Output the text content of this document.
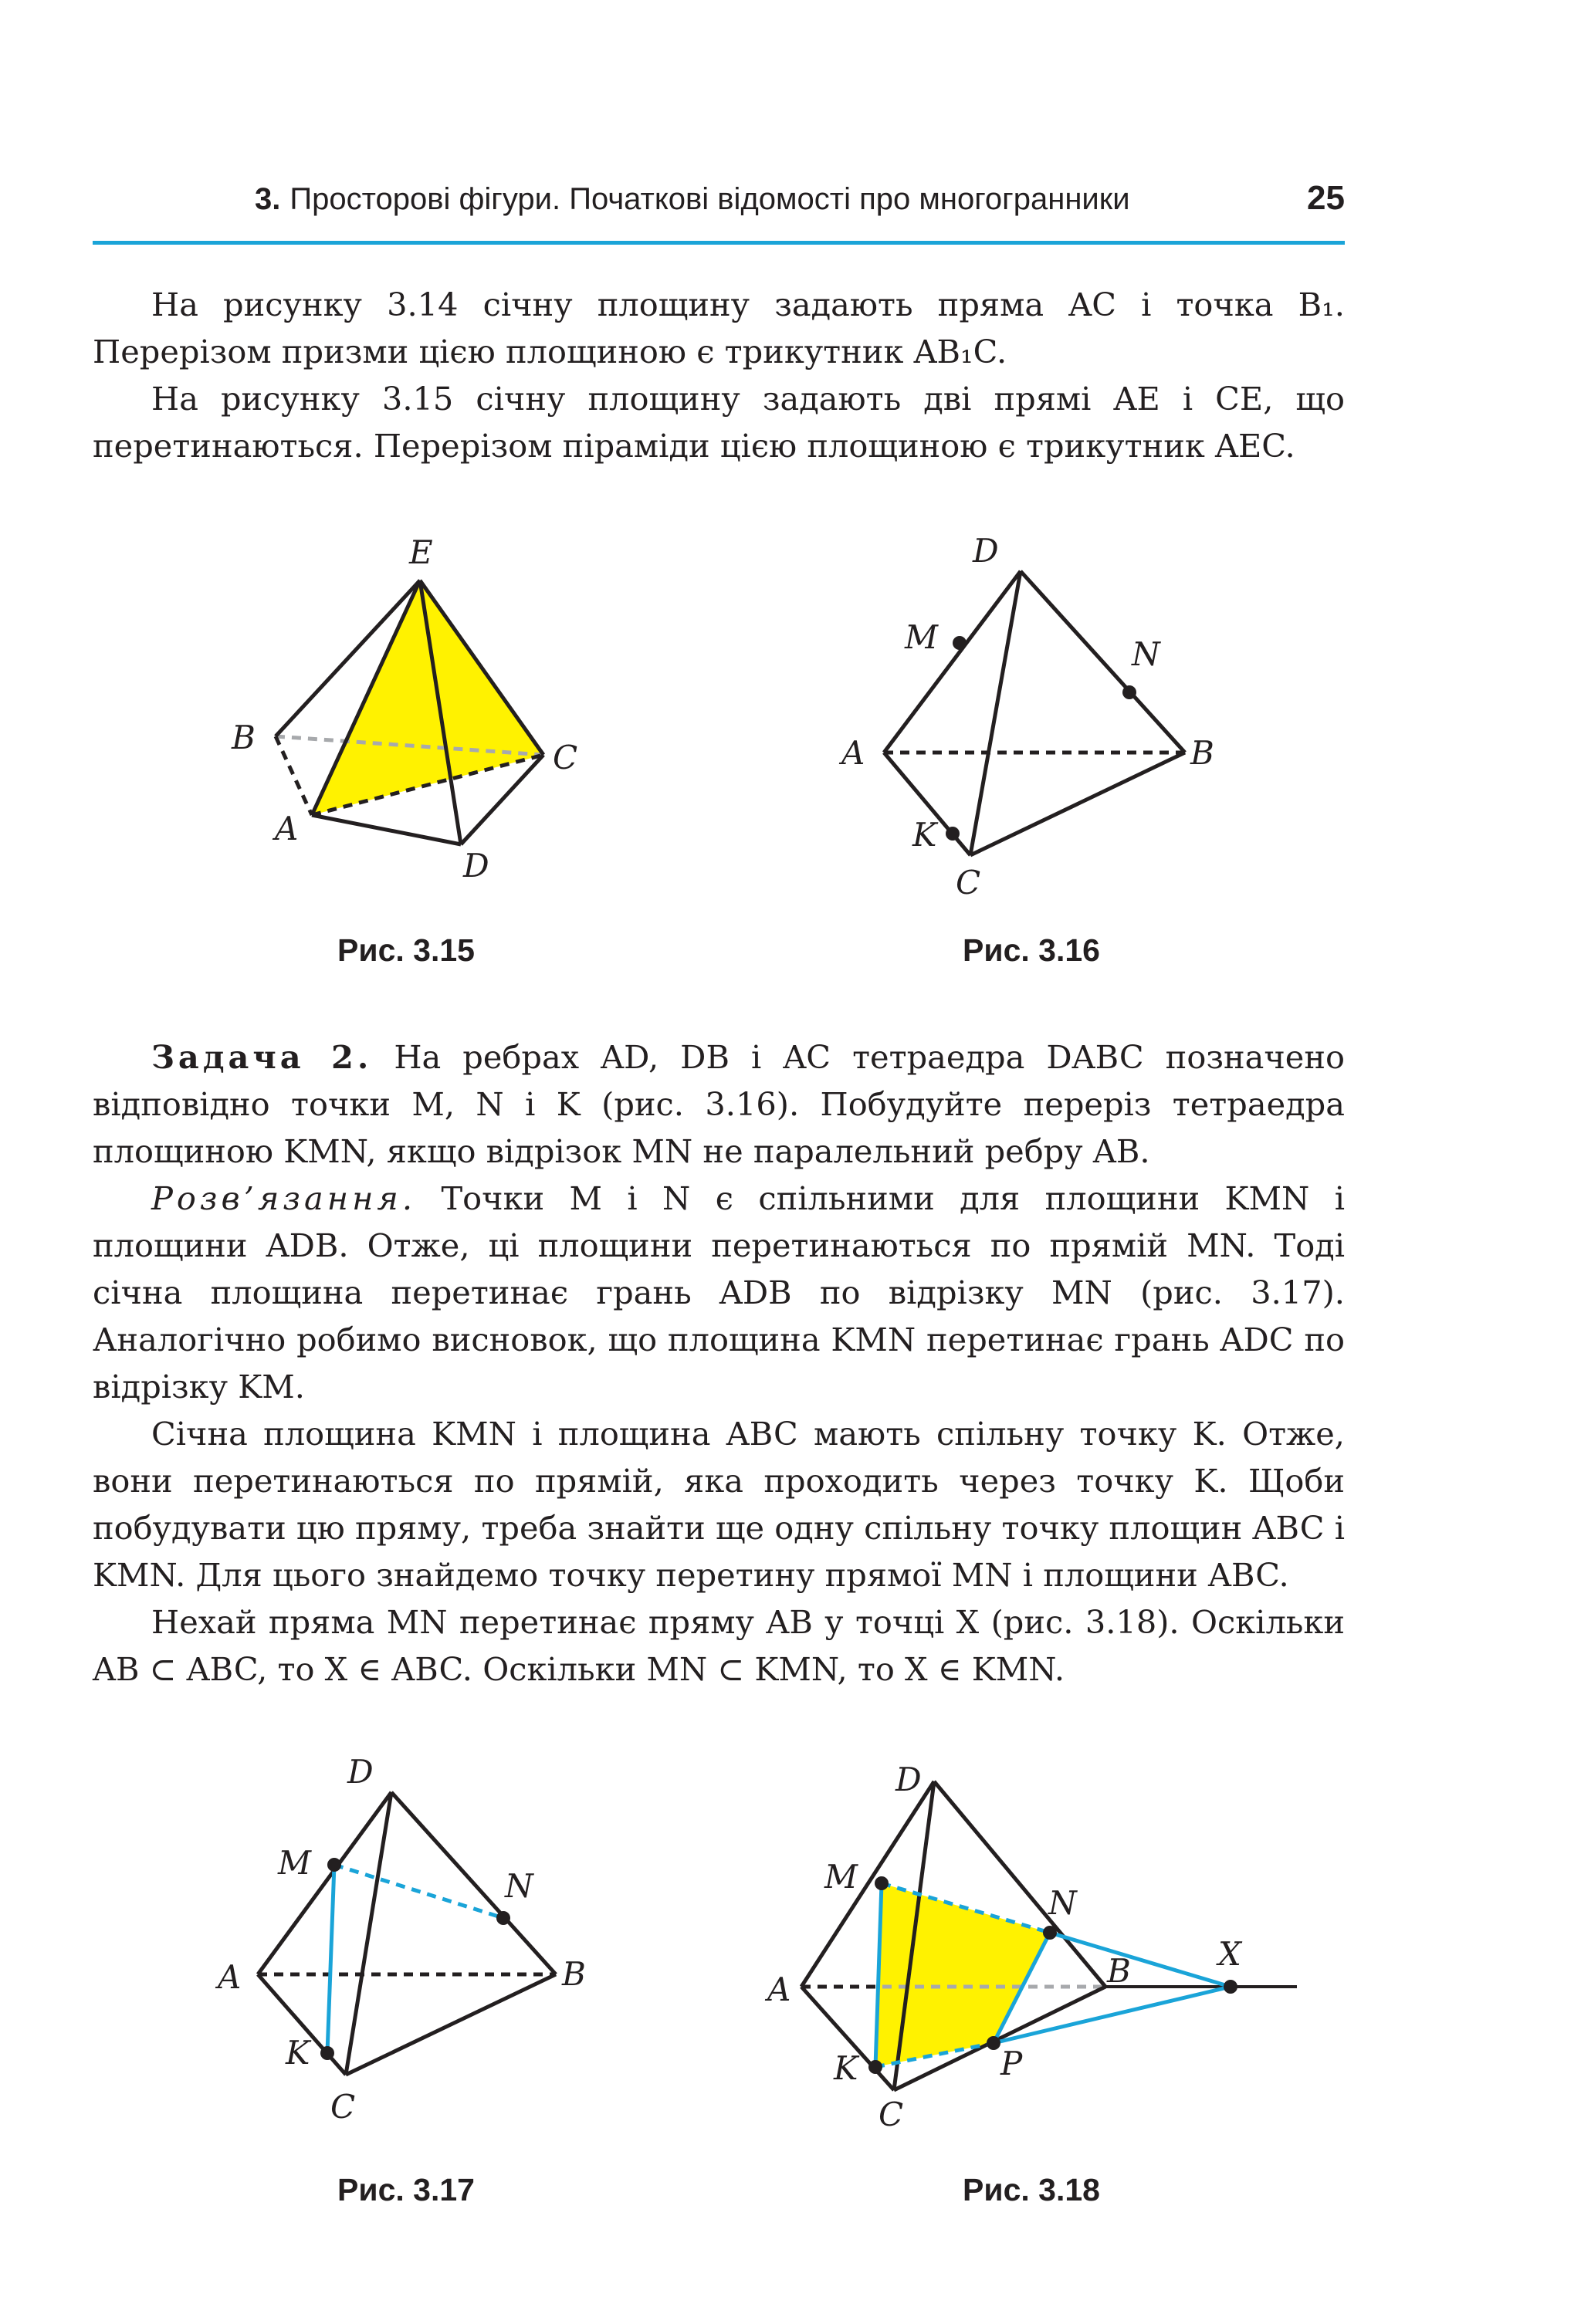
3. Просторові фігури. Початкові відомості про многогранники	25

На рисунку 3.14 січну площину задають пряма AC і точка B₁. Перерізом призми цією площиною є трикутник AB₁C.

На рисунку 3.15 січну площину задають дві прямі AE і CE, що перетинаються. Перерізом піраміди цією площиною є трикутник AEC.

E
B
C
A
D
Рис. 3.15
D
M	N
A	B
K
C
Рис. 3.16

Задача 2. На ребрах AD, DB і AC тетраедра DABC позначено відповідно точки M, N і K (рис. 3.16). Побудуйте переріз тетраедра площиною KMN, якщо відрізок MN не паралельний ребру AB.

Розв’язання. Точки M і N є спільними для площини KMN і площини ADB. Отже, ці площини перетинаються по прямій MN. Тоді січна площина перетинає грань ADB по відрізку MN (рис. 3.17). Аналогічно робимо висновок, що площина KMN перетинає грань ADC по відрізку KM.

Січна площина KMN і площина ABC мають спільну точку K. Отже, вони перетинаються по прямій, яка проходить через точку K. Щоби побудувати цю пряму, треба знайти ще одну спільну точку площин ABC і KMN. Для цього знайдемо точку перетину прямої MN і площини ABC.

Нехай пряма MN перетинає пряму AB у точці X (рис. 3.18). Оскільки AB ⊂ ABC, то X ∈ ABC. Оскільки MN ⊂ KMN, то X ∈ KMN.

D
M
N
A	B
K
C
Рис. 3.17
D
M
N
A	B	X
K	P
C
Рис. 3.18
